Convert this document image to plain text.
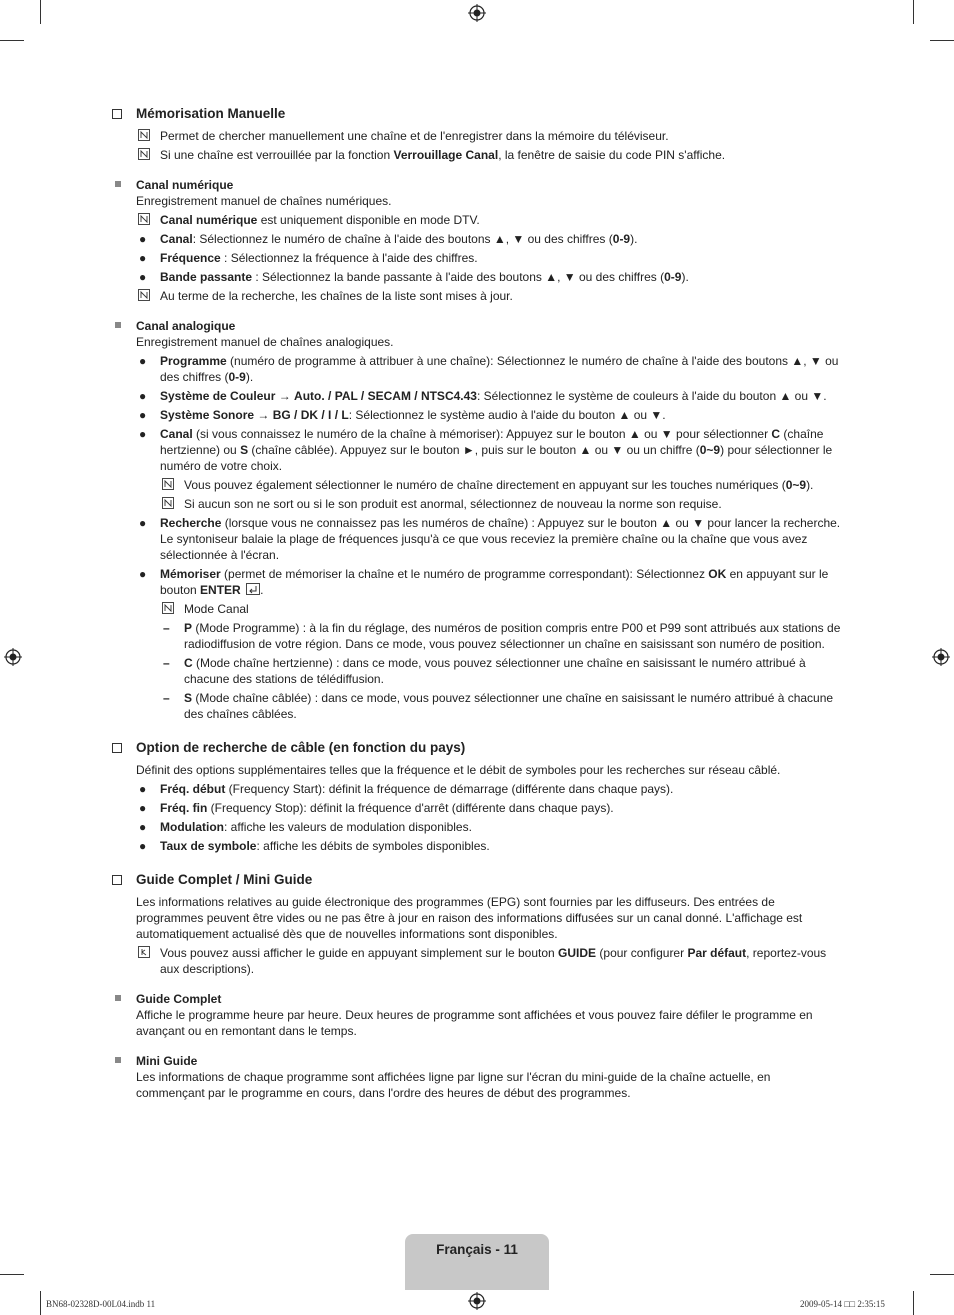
Mémorisation Manuelle
Permet de chercher manuellement une chaîne et de l'enregistrer dans la mémoire du téléviseur.
Si une chaîne est verrouillée par la fonction Verrouillage Canal, la fenêtre de saisie du code PIN s'affiche.
Canal numérique
Enregistrement manuel de chaînes numériques.
Canal numérique est uniquement disponible en mode DTV.
● Canal: Sélectionnez le numéro de chaîne à l'aide des boutons ▲, ▼ ou des chiffres (0-9).
● Fréquence : Sélectionnez la fréquence à l'aide des chiffres.
● Bande passante : Sélectionnez la bande passante à l'aide des boutons ▲, ▼ ou des chiffres (0-9).
Au terme de la recherche, les chaînes de la liste sont mises à jour.
Canal analogique
Enregistrement manuel de chaînes analogiques.
● Programme (numéro de programme à attribuer à une chaîne): Sélectionnez le numéro de chaîne à l'aide des boutons ▲, ▼ ou des chiffres (0-9).
● Système de Couleur → Auto. / PAL / SECAM / NTSC4.43: Sélectionnez le système de couleurs à l'aide du bouton ▲ ou ▼.
● Système Sonore → BG / DK / I / L: Sélectionnez le système audio à l'aide du bouton ▲ ou ▼.
● Canal (si vous connaissez le numéro de la chaîne à mémoriser): Appuyez sur le bouton ▲ ou ▼ pour sélectionner C (chaîne hertzienne) ou S (chaîne câblée). Appuyez sur le bouton ►, puis sur le bouton ▲ ou ▼ ou un chiffre (0~9) pour sélectionner le numéro de votre choix.
Vous pouvez également sélectionner le numéro de chaîne directement en appuyant sur les touches numériques (0~9).
Si aucun son ne sort ou si le son produit est anormal, sélectionnez de nouveau la norme son requise.
● Recherche (lorsque vous ne connaissez pas les numéros de chaîne) : Appuyez sur le bouton ▲ ou ▼ pour lancer la recherche. Le syntoniseur balaie la plage de fréquences jusqu'à ce que vous receviez la première chaîne ou la chaîne que vous avez sélectionnée à l'écran.
● Mémoriser (permet de mémoriser la chaîne et le numéro de programme correspondant): Sélectionnez OK en appuyant sur le bouton ENTER .
Mode Canal
– P (Mode Programme) : à la fin du réglage, des numéros de position compris entre P00 et P99 sont attribués aux stations de radiodiffusion de votre région. Dans ce mode, vous pouvez sélectionner un chaîne en saisissant son numéro de position.
– C (Mode chaîne hertzienne) : dans ce mode, vous pouvez sélectionner une chaîne en saisissant le numéro attribué à chacune des stations de télédiffusion.
– S (Mode chaîne câblée) : dans ce mode, vous pouvez sélectionner une chaîne en saisissant le numéro attribué à chacune des chaînes câblées.
Option de recherche de câble (en fonction du pays)
Définit des options supplémentaires telles que la fréquence et le débit de symboles pour les recherches sur réseau câblé.
● Fréq. début (Frequency Start): définit la fréquence de démarrage (différente dans chaque pays).
● Fréq. fin (Frequency Stop): définit la fréquence d'arrêt (différente dans chaque pays).
● Modulation: affiche les valeurs de modulation disponibles.
● Taux de symbole: affiche les débits de symboles disponibles.
Guide Complet / Mini Guide
Les informations relatives au guide électronique des programmes (EPG) sont fournies par les diffuseurs. Des entrées de programmes peuvent être vides ou ne pas être à jour en raison des informations diffusées sur un canal donné. L'affichage est automatiquement actualisé dès que de nouvelles informations sont disponibles.
Vous pouvez aussi afficher le guide en appuyant simplement sur le bouton GUIDE (pour configurer Par défaut, reportez-vous aux descriptions).
Guide Complet
Affiche le programme heure par heure. Deux heures de programme sont affichées et vous pouvez faire défiler le programme en avançant ou en remontant dans le temps.
Mini Guide
Les informations de chaque programme sont affichées ligne par ligne sur l'écran du mini-guide de la chaîne actuelle, en commençant par le programme en cours, dans l'ordre des heures de début des programmes.
Français - 11
BN68-02328D-00L04.indb 11	2009-05-14 □□ 2:35:15
